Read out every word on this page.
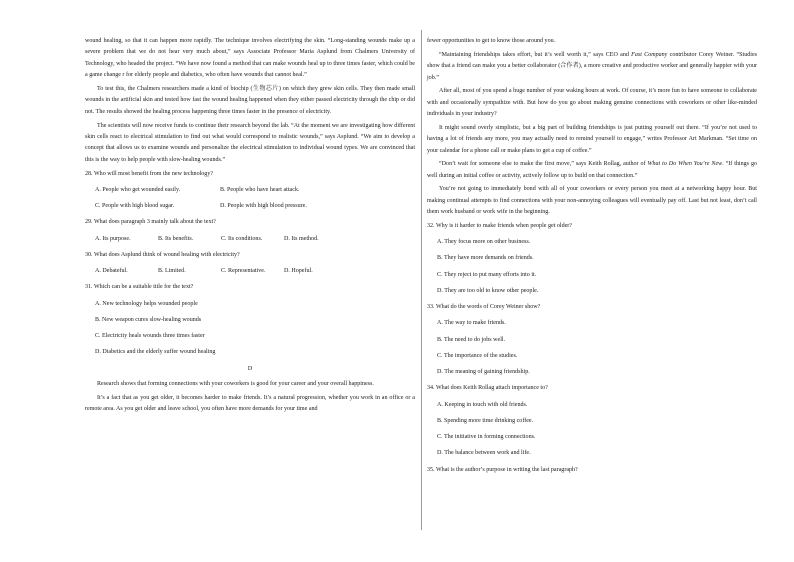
wound healing, so that it can happen more rapidly. The technique involves electrifying the skin. “Long-standing wounds make up a severe problem that we do not hear very much about,” says Associate Professor Maria Asplund from Chalmers University of Technology, who headed the project. “We have now found a method that can make wounds heal up to three times faster, which could be a game change r for elderly people and diabetics, who often have wounds that cannot heal.”

To test this, the Chalmers researchers made a kind of biochip (生物芯片) on which they grew skin cells. They then made small wounds in the artificial skin and tested how fast the wound healing happened when they either passed electricity through the chip or did not. The results showed the healing process happening three times faster in the presence of electricity.

The scientists will now receive funds to continue their research beyond the lab. “At the moment we are investigating how different skin cells react to electrical stimulation to find out what would correspond to realistic wounds,” says Asplund. “We aim to develop a concept that allows us to examine wounds and personalize the electrical stimulation to individual wound types. We are convinced that this is the way to help people with slow-healing wounds.”

28. Who will most benefit from the new technology?

A. People who get wounded easily.	B. People who have heart attack.
C. People with high blood sugar.	D. People with high blood pressure.

29. What does paragraph 3 mainly talk about the text?

A. Its purpose.	B. Its benefits.	C. Its conditions.	D. Its method.

30. What does Asplund think of wound healing with electricity?

A. Debateful.	B. Limited.	C. Representative.	D. Hopeful.

31. Which can be a suitable title for the text?

A. New technology helps wounded people

B. New weapon cures slow-healing wounds

C. Electricity heals wounds three times faster

D. Diabetics and the elderly suffer wound healing

D

Research shows that forming connections with your coworkers is good for your career and your overall happiness.

It’s a fact that as you get older, it becomes harder to make friends. It’s a natural progression, whether you work in an office or a remote area. As you get older and leave school, you often have more demands for your time and

fewer opportunities to get to know those around you.

“Maintaining friendships takes effort, but it’s well worth it,” says CEO and Fast Company contributor Corey Weiner. “Studies show that a friend can make you a better collaborator (合作者), a more creative and productive worker and generally happier with your job.”

After all, most of you spend a huge number of your waking hours at work. Of course, it’s more fun to have someone to collaborate with and occasionally sympathize with. But how do you go about making genuine connections with coworkers or other like-minded individuals in your industry?

It might sound overly simplistic, but a big part of building friendships is just putting yourself out there. “If you’re not used to having a lot of friends any more, you may actually need to remind yourself to engage,” writes Professor Art Markman. “Set time on your calendar for a phone call or make plans to get a cup of coffee.”

“Don’t wait for someone else to make the first move,” says Keith Rollag, author of What to Do When You’re New. “If things go well during an initial coffee or activity, actively follow up to build on that connection.”

You’re not going to immediately bond with all of your coworkers or every person you meet at a networking happy hour. But making continual attempts to find connections with your non-annoying colleagues will eventually pay off. Last but not least, don’t call them work husband or work wife in the beginning.

32. Why is it harder to make friends when people get older?

A. They focus more on other business.

B. They have more demands on friends.

C. They reject to put many efforts into it.

D. They are too old to know other people.

33. What do the words of Corey Weiner show?

A. The way to make friends.

B. The need to do jobs well.

C. The importance of the studies.

D. The meaning of gaining friendship.

34. What does Keith Rollag attach importance to?

A. Keeping in touch with old friends.

B. Spending more time drinking coffee.

C. The initiative in forming connections.

D. The balance between work and life.

35. What is the author’s purpose in writing the last paragraph?
